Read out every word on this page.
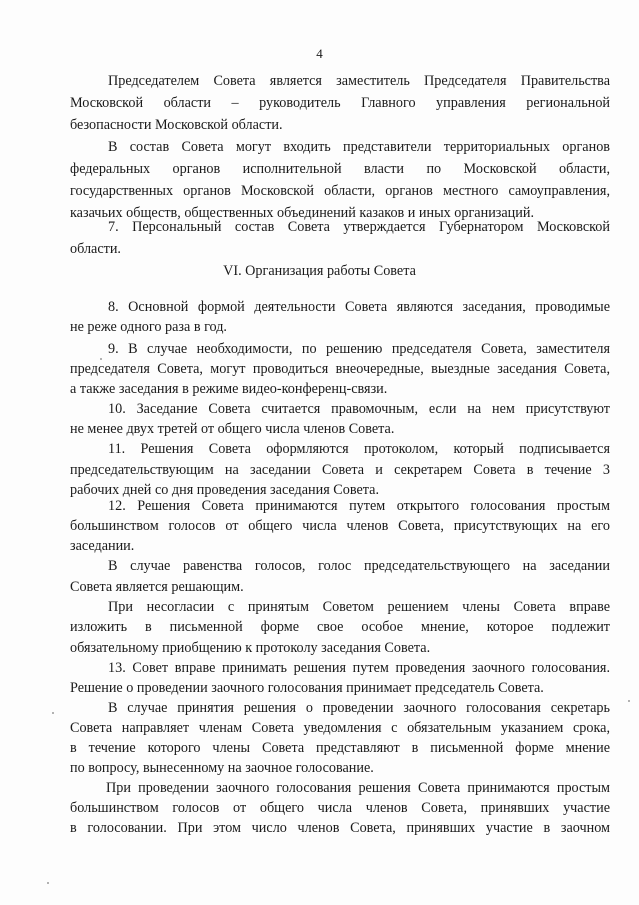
4
Председателем Совета является заместитель Председателя Правительства
Московской области – руководитель Главного управления региональной
безопасности Московской области.
В состав Совета могут входить представители территориальных органов
федеральных органов исполнительной власти по Московской области,
государственных органов Московской области, органов местного самоуправления,
казачьих обществ, общественных объединений казаков и иных организаций.
7. Персональный состав Совета утверждается Губернатором Московской
области.
VI. Организация работы Совета
8. Основной формой деятельности Совета являются заседания, проводимые
не реже одного раза в год.
9. В случае необходимости, по решению председателя Совета, заместителя
председателя Совета, могут проводиться внеочередные, выездные заседания Совета,
а также заседания в режиме видео-конференц-связи.
10. Заседание Совета считается правомочным, если на нем присутствуют
не менее двух третей от общего числа членов Совета.
11. Решения Совета оформляются протоколом, который подписывается
председательствующим на заседании Совета и секретарем Совета в течение 3
рабочих дней со дня проведения заседания Совета.
12. Решения Совета принимаются путем открытого голосования простым
большинством голосов от общего числа членов Совета, присутствующих на его
заседании.
В случае равенства голосов, голос председательствующего на заседании
Совета является решающим.
При несогласии с принятым Советом решением члены Совета вправе
изложить в письменной форме свое особое мнение, которое подлежит
обязательному приобщению к протоколу заседания Совета.
13. Совет вправе принимать решения путем проведения заочного голосования.
Решение о проведении заочного голосования принимает председатель Совета.
В случае принятия решения о проведении заочного голосования секретарь
Совета направляет членам Совета уведомления с обязательным указанием срока,
в течение которого члены Совета представляют в письменной форме мнение
по вопросу, вынесенному на заочное голосование.
При проведении заочного голосования решения Совета принимаются простым
большинством голосов от общего числа членов Совета, принявших участие
в голосовании. При этом число членов Совета, принявших участие в заочном
